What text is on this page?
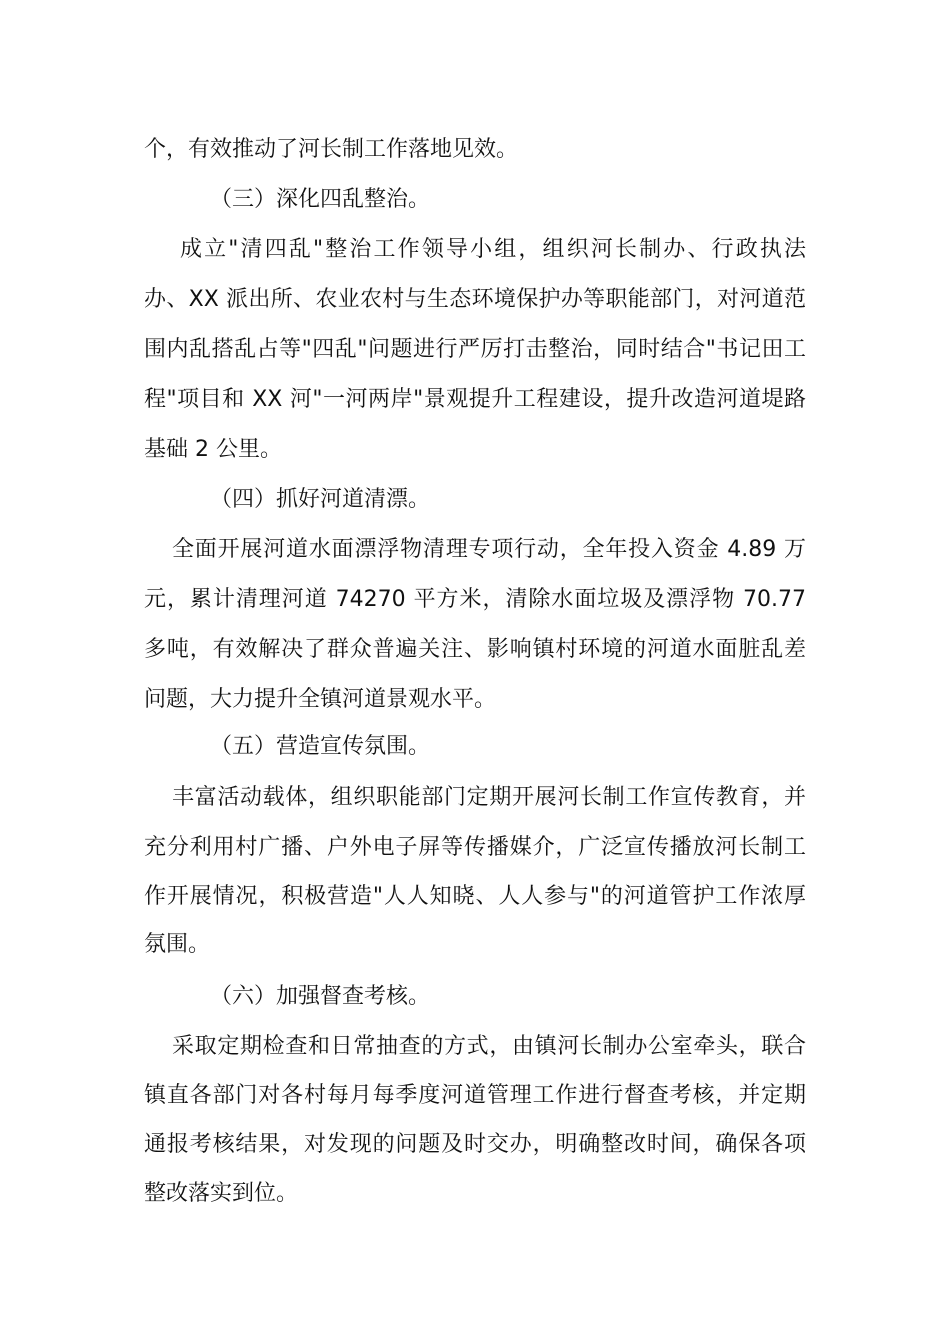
个，有效推动了河长制工作落地见效。
（三）深化四乱整治。
成立"清四乱"整治工作领导小组，组织河长制办、行政执法
办、XX 派出所、农业农村与生态环境保护办等职能部门，对河道范
围内乱搭乱占等"四乱"问题进行严厉打击整治，同时结合"书记田工
程"项目和 XX 河"一河两岸"景观提升工程建设，提升改造河道堤路
基础 2 公里。
（四）抓好河道清漂。
全面开展河道水面漂浮物清理专项行动，全年投入资金 4.89 万
元，累计清理河道 74270 平方米，清除水面垃圾及漂浮物 70.77
多吨，有效解决了群众普遍关注、影响镇村环境的河道水面脏乱差
问题，大力提升全镇河道景观水平。
（五）营造宣传氛围。
丰富活动载体，组织职能部门定期开展河长制工作宣传教育，并
充分利用村广播、户外电子屏等传播媒介，广泛宣传播放河长制工
作开展情况，积极营造"人人知晓、人人参与"的河道管护工作浓厚
氛围。
（六）加强督查考核。
采取定期检查和日常抽查的方式，由镇河长制办公室牵头，联合
镇直各部门对各村每月每季度河道管理工作进行督查考核，并定期
通报考核结果，对发现的问题及时交办，明确整改时间，确保各项
整改落实到位。
